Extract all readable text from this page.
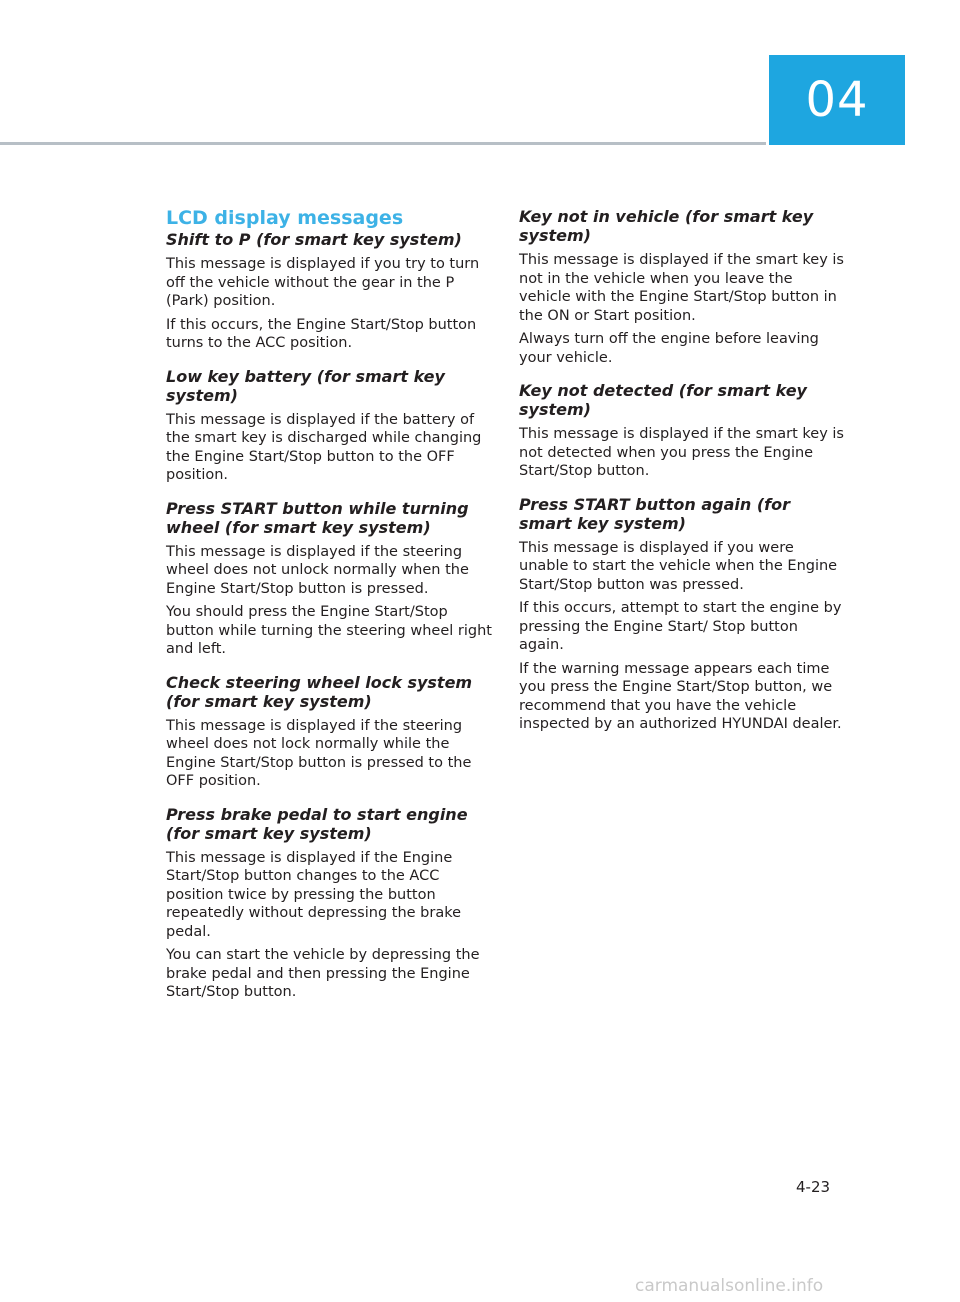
04
LCD display messages
Shift to P (for smart key system)

This message is displayed if you try to turn off the vehicle without the gear in the P (Park) position.

If this occurs, the Engine Start/Stop button turns to the ACC position.

Low key battery (for smart key system)

This message is displayed if the battery of the smart key is discharged while changing the Engine Start/Stop button to the OFF position.

Press START button while turning wheel (for smart key system)

This message is displayed if the steering wheel does not unlock normally when the Engine Start/Stop button is pressed.

You should press the Engine Start/Stop button while turning the steering wheel right and left.

Check steering wheel lock system (for smart key system)

This message is displayed if the steering wheel does not lock normally while the Engine Start/Stop button is pressed to the OFF position.

Press brake pedal to start engine (for smart key system)

This message is displayed if the Engine Start/Stop button changes to the ACC position twice by pressing the button repeatedly without depressing the brake pedal.

You can start the vehicle by depressing the brake pedal and then pressing the Engine Start/Stop button.

Key not in vehicle (for smart key system)

This message is displayed if the smart key is not in the vehicle when you leave the vehicle with the Engine Start/Stop button in the ON or Start position.

Always turn off the engine before leaving your vehicle.

Key not detected (for smart key system)

This message is displayed if the smart key is not detected when you press the Engine Start/Stop button.

Press START button again (for smart key system)

This message is displayed if you were unable to start the vehicle when the Engine Start/Stop button was pressed.

If this occurs, attempt to start the engine by pressing the Engine Start/ Stop button again.

If the warning message appears each time you press the Engine Start/Stop button, we recommend that you have the vehicle inspected by an authorized HYUNDAI dealer.

4-23
carmanualsonline.info
